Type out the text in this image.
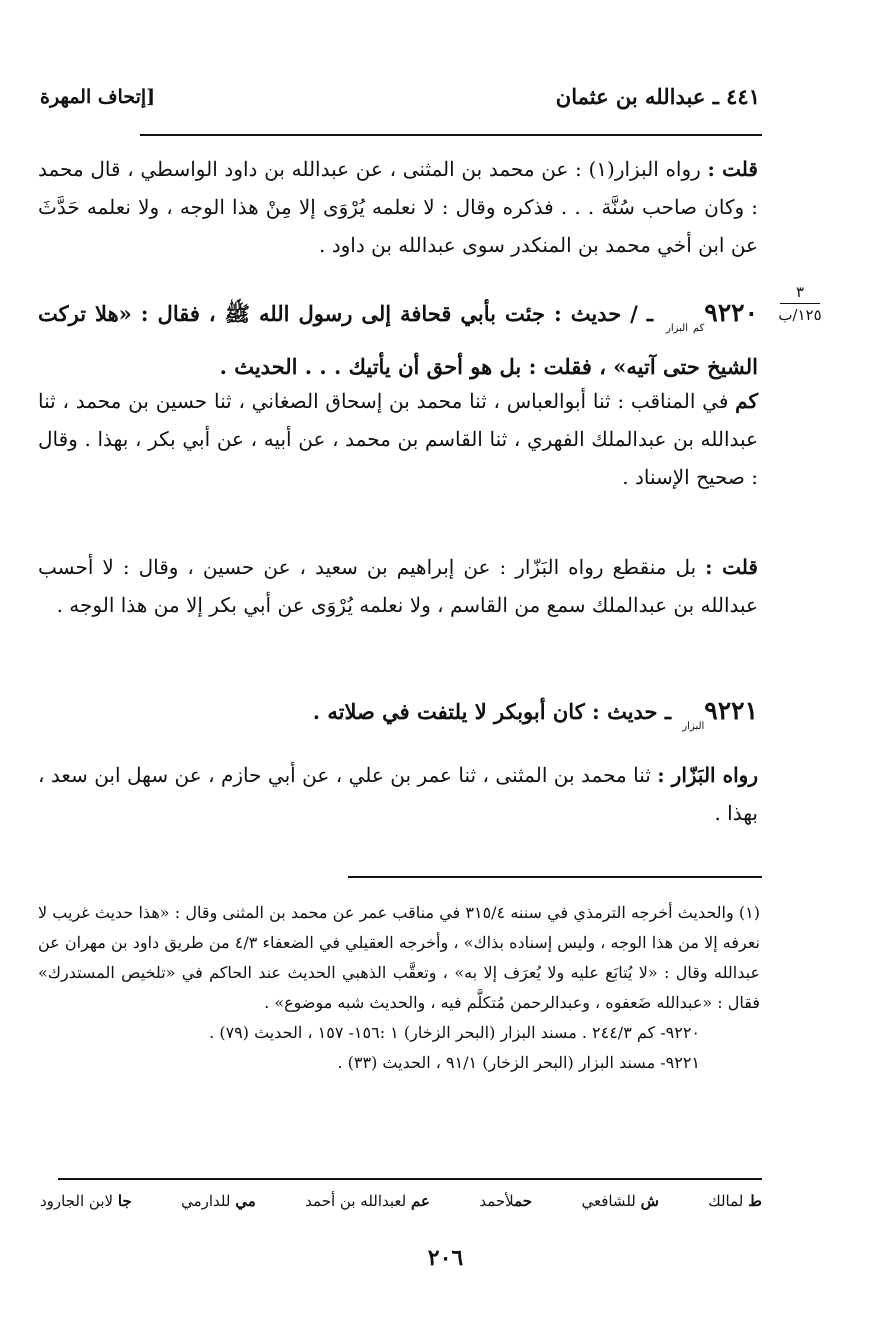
٤٤١ ـ عبدالله بن عثمان
[إتحاف المهرة
٣
١٢٥/ب

قلت : رواه البزار(١) : عن محمد بن المثنى ، عن عبدالله بن داود الواسطي ، قال محمد : وكان صاحب سُنَّة . . . فذكره وقال : لا نعلمه يُرْوَى إلا مِنْ هذا الوجه ، ولا نعلمه حَدَّثَ عن ابن أخي محمد بن المنكدر سوى عبدالله بن داود .

$٩٢٢٠_{كم البزار}$ ـ / حديث : جئت بأبي قحافة إلى رسول الله ﷺ ، فقال : «هلا تركت الشيخ حتى آتيه» ، فقلت : بل هو أحق أن يأتيك . . . الحديث .

كم في المناقب : ثنا أبوالعباس ، ثنا محمد بن إسحاق الصغاني ، ثنا حسين بن محمد ، ثنا عبدالله بن عبدالملك الفهري ، ثنا القاسم بن محمد ، عن أبيه ، عن أبي بكر ، بهذا . وقال : صحيح الإسناد .

قلت : بل منقطع رواه البَزّار : عن إبراهيم بن سعيد ، عن حسين ، وقال : لا أحسب عبدالله بن عبدالملك سمع من القاسم ، ولا نعلمه يُرْوَى عن أبي بكر إلا من هذا الوجه .

$٩٢٢١_{البزار}$ ـ حديث : كان أبوبكر لا يلتفت في صلاته .

رواه البَزّار : ثنا محمد بن المثنى ، ثنا عمر بن علي ، عن أبي حازم ، عن سهل ابن سعد ، بهذا .

(١) والحديث أخرجه الترمذي في سننه ٣١٥/٤ في مناقب عمر عن محمد بن المثنى وقال : «هذا حديث غريب لا نعرفه إلا من هذا الوجه ، وليس إسناده بذاك» ، وأخرجه العقيلي في الضعفاء ٤/٣ من طريق داود بن مهران عن عبدالله وقال : «لا يُتابَع عليه ولا يُعرَف إلا به» ، وتعقَّب الذهبي الحديث عند الحاكم في «تلخيص المستدرك» فقال : «عبدالله ضَعفوه ، وعبدالرحمن مُتكلَّم فيه ، والحديث شبه موضوع» .

٩٢٢٠- كم ٢٤٤/٣ . مسند البزار (البحر الزخار) ١ :١٥٦- ١٥٧ ، الحديث (٧٩) .

٩٢٢١- مسند البزار (البحر الزخار) ٩١/١ ، الحديث (٣٣) .

ط لمالك
ش للشافعي
حملأحمد
عم لعبدالله بن أحمد
مي للدارمي
جا لابن الجارود
٢٠٦
